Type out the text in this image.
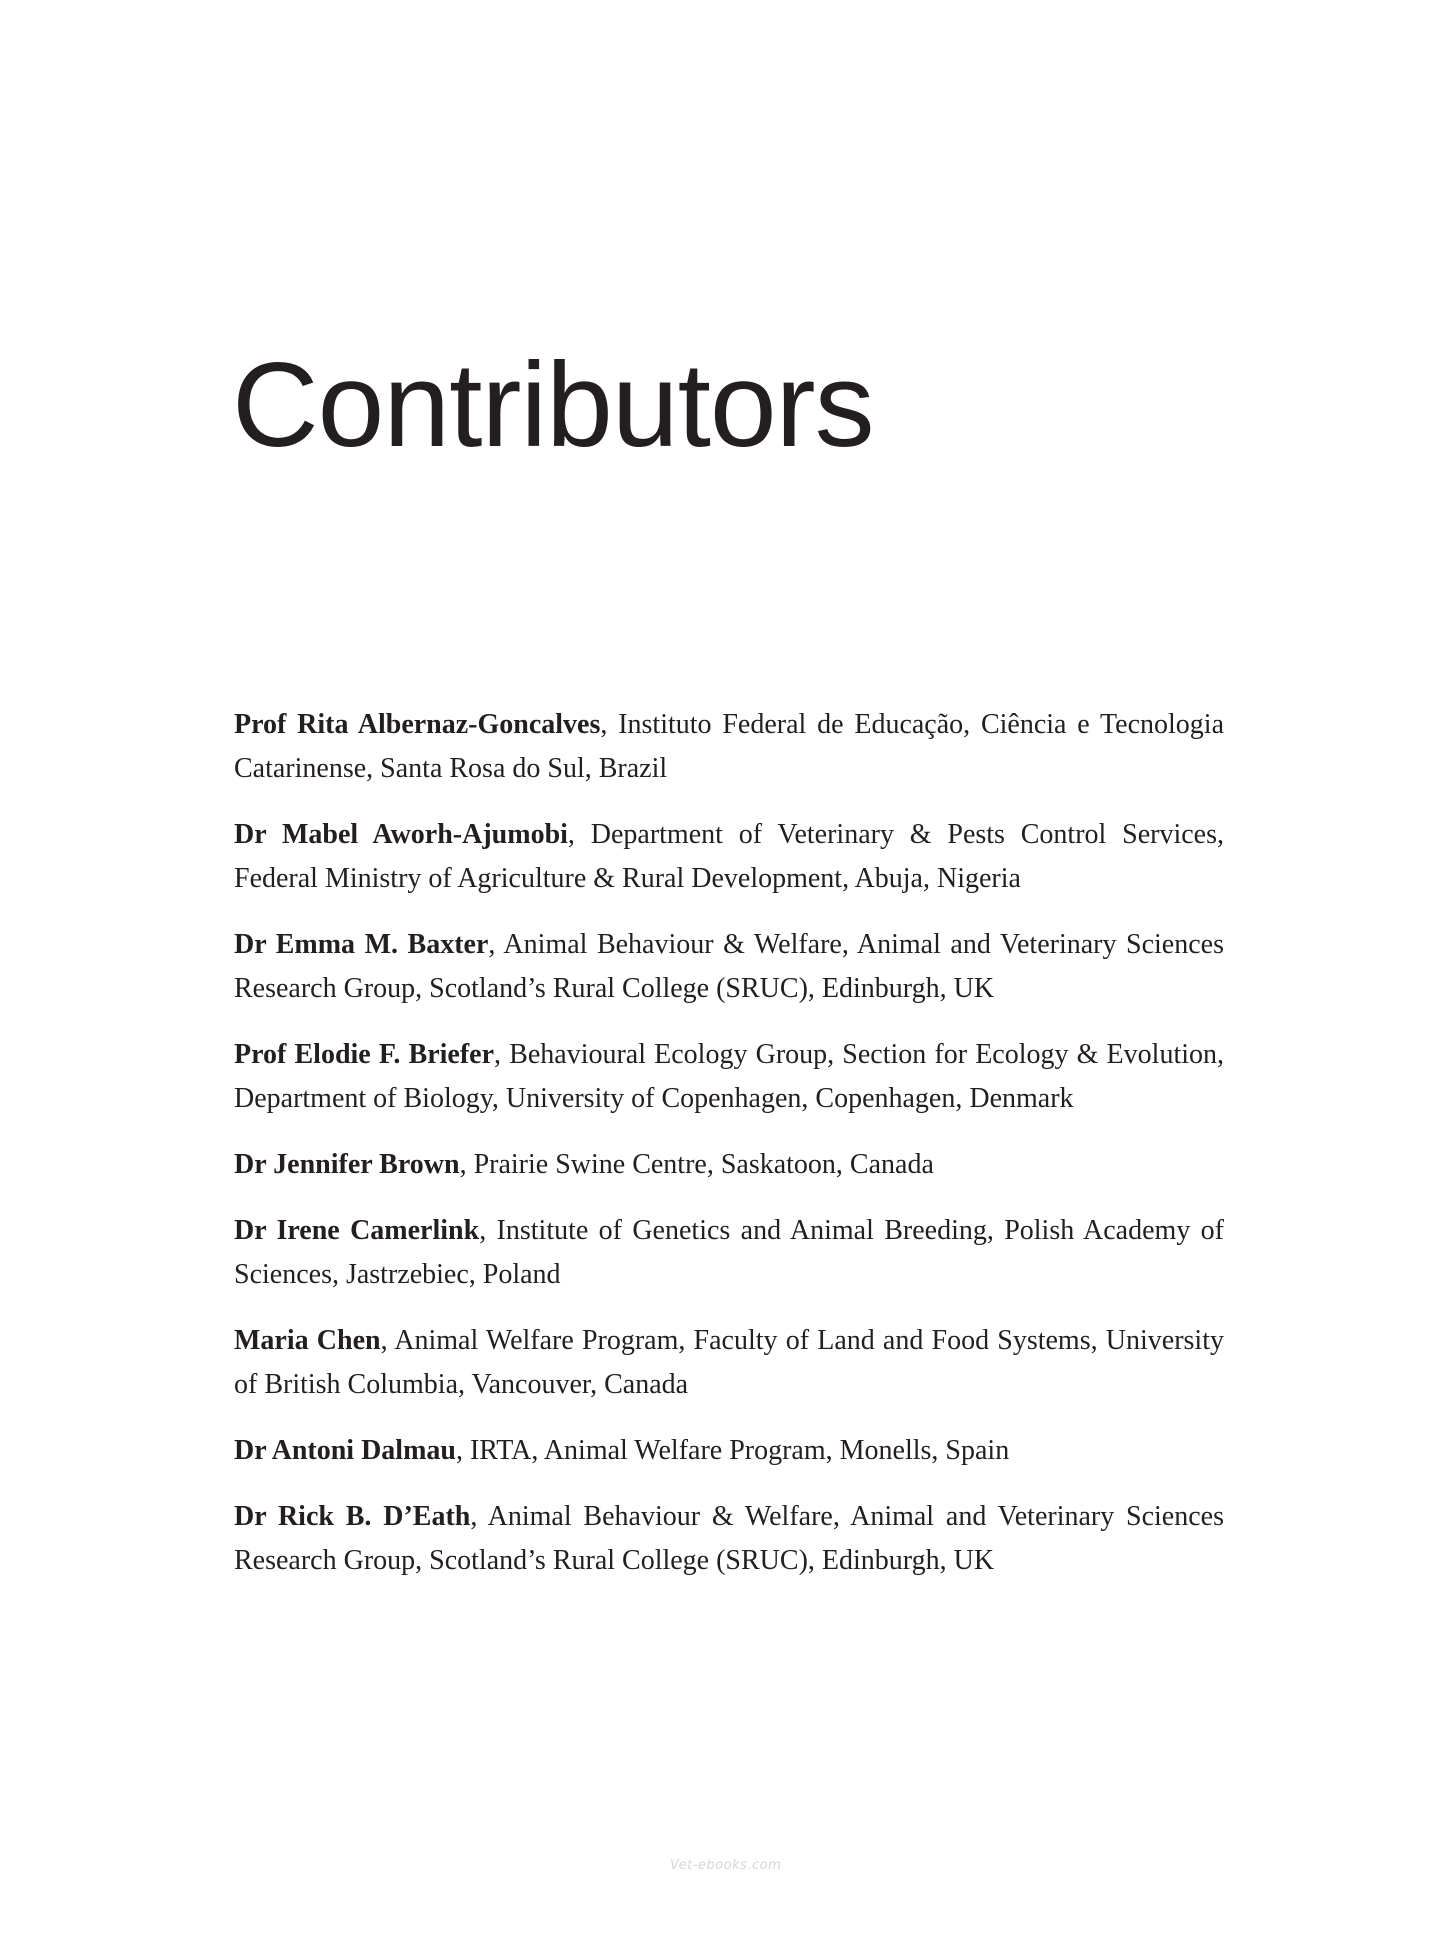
Contributors
Prof Rita Albernaz-Goncalves, Instituto Federal de Educação, Ciência e Tecnologia Catarinense, Santa Rosa do Sul, Brazil
Dr Mabel Aworh-Ajumobi, Department of Veterinary & Pests Control Services, Federal Ministry of Agriculture & Rural Development, Abuja, Nigeria
Dr Emma M. Baxter, Animal Behaviour & Welfare, Animal and Veterinary Sciences Research Group, Scotland’s Rural College (SRUC), Edinburgh, UK
Prof Elodie F. Briefer, Behavioural Ecology Group, Section for Ecology & Evolution, Department of Biology, University of Copenhagen, Copenhagen, Denmark
Dr Jennifer Brown, Prairie Swine Centre, Saskatoon, Canada
Dr Irene Camerlink, Institute of Genetics and Animal Breeding, Polish Academy of Sciences, Jastrzebiec, Poland
Maria Chen, Animal Welfare Program, Faculty of Land and Food Systems, University of British Columbia, Vancouver, Canada
Dr Antoni Dalmau, IRTA, Animal Welfare Program, Monells, Spain
Dr Rick B. D’Eath, Animal Behaviour & Welfare, Animal and Veterinary Sciences Research Group, Scotland’s Rural College (SRUC), Edinburgh, UK
Vet-ebooks.com
